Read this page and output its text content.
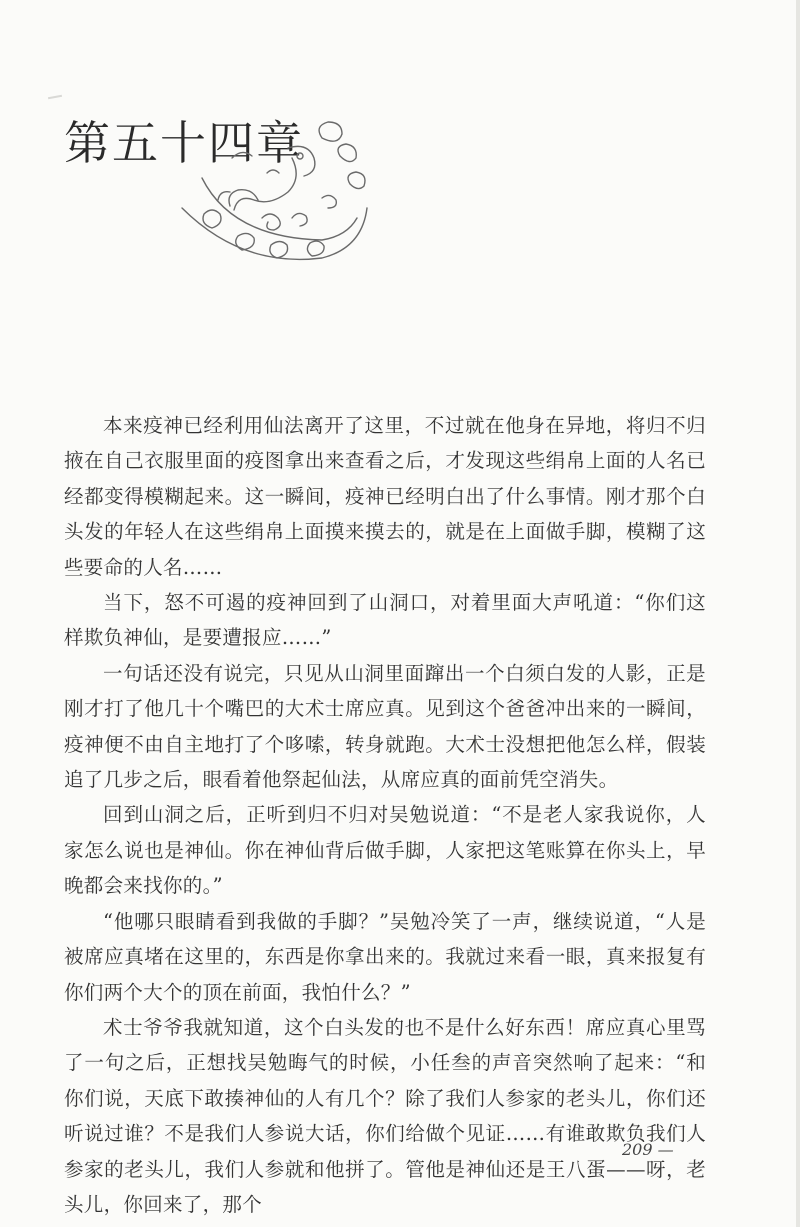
第五十四章

本来疫神已经利用仙法离开了这里，不过就在他身在异地，将归不归掖在自己衣服里面的疫图拿出来查看之后，才发现这些绢帛上面的人名已经都变得模糊起来。这一瞬间，疫神已经明白出了什么事情。刚才那个白头发的年轻人在这些绢帛上面摸来摸去的，就是在上面做手脚，模糊了这些要命的人名……

当下，怒不可遏的疫神回到了山洞口，对着里面大声吼道：“你们这样欺负神仙，是要遭报应……”

一句话还没有说完，只见从山洞里面蹿出一个白须白发的人影，正是刚才打了他几十个嘴巴的大术士席应真。见到这个爸爸冲出来的一瞬间，疫神便不由自主地打了个哆嗦，转身就跑。大术士没想把他怎么样，假装追了几步之后，眼看着他祭起仙法，从席应真的面前凭空消失。

回到山洞之后，正听到归不归对吴勉说道：“不是老人家我说你，人家怎么说也是神仙。你在神仙背后做手脚，人家把这笔账算在你头上，早晚都会来找你的。”

“他哪只眼睛看到我做的手脚？”吴勉冷笑了一声，继续说道，“人是被席应真堵在这里的，东西是你拿出来的。我就过来看一眼，真来报复有你们两个大个的顶在前面，我怕什么？”

术士爷爷我就知道，这个白头发的也不是什么好东西！席应真心里骂了一句之后，正想找吴勉晦气的时候，小任叁的声音突然响了起来：“和你们说，天底下敢揍神仙的人有几个？除了我们人参家的老头儿，你们还听说过谁？不是我们人参说大话，你们给做个见证……有谁敢欺负我们人参家的老头儿，我们人参就和他拼了。管他是神仙还是王八蛋——呀，老头儿，你回来了，那个

209 —
